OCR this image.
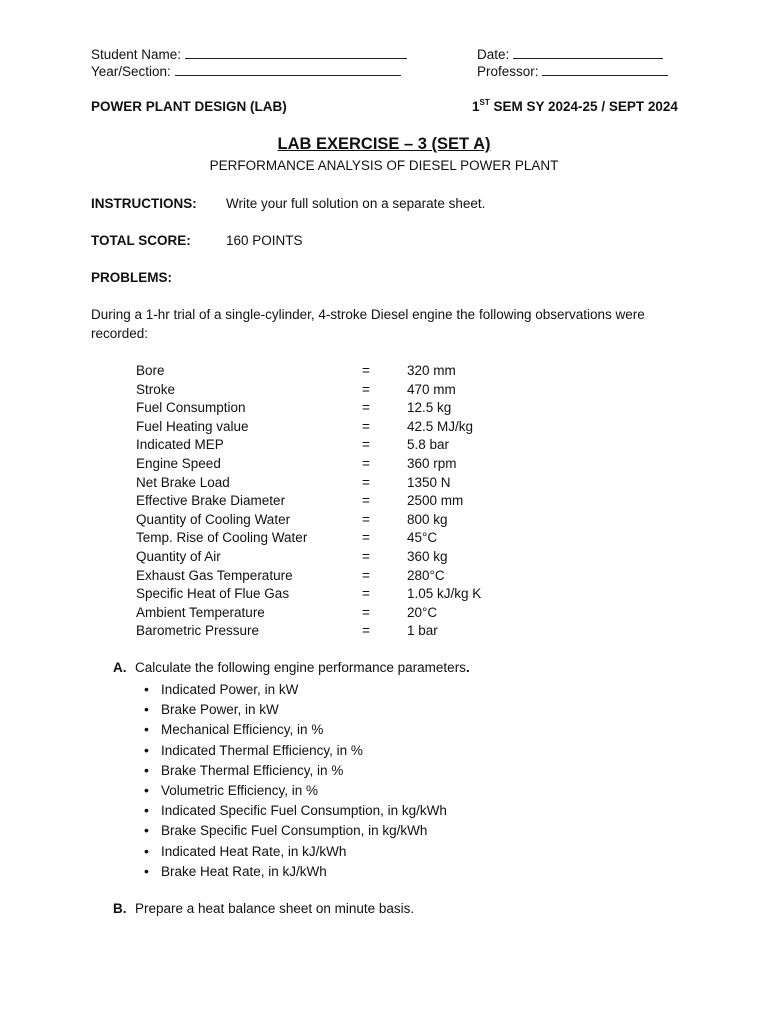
Student Name:
Year/Section:
Date:
Professor:
POWER PLANT DESIGN (LAB)	1ST SEM SY 2024-25 / SEPT 2024
LAB EXERCISE – 3 (SET A)
PERFORMANCE ANALYSIS OF DIESEL POWER PLANT
INSTRUCTIONS: Write your full solution on a separate sheet.
TOTAL SCORE:	160 POINTS
PROBLEMS:
During a 1-hr trial of a single-cylinder, 4-stroke Diesel engine the following observations were
recorded:
Bore	=	320 mm
Stroke	=	470 mm
Fuel Consumption	=	12.5 kg
Fuel Heating value	=	42.5 MJ/kg
Indicated MEP	=	5.8 bar
Engine Speed	=	360 rpm
Net Brake Load	=	1350 N
Effective Brake Diameter	=	2500 mm
Quantity of Cooling Water	=	800 kg
Temp. Rise of Cooling Water	=	45°C
Quantity of Air	=	360 kg
Exhaust Gas Temperature	=	280°C
Specific Heat of Flue Gas	=	1.05 kJ/kg K
Ambient Temperature	=	20°C
Barometric Pressure	=	1 bar
A. Calculate the following engine performance parameters.
• Indicated Power, in kW
• Brake Power, in kW
• Mechanical Efficiency, in %
• Indicated Thermal Efficiency, in %
• Brake Thermal Efficiency, in %
• Volumetric Efficiency, in %
• Indicated Specific Fuel Consumption, in kg/kWh
• Brake Specific Fuel Consumption, in kg/kWh
• Indicated Heat Rate, in kJ/kWh
• Brake Heat Rate, in kJ/kWh
B. Prepare a heat balance sheet on minute basis.
